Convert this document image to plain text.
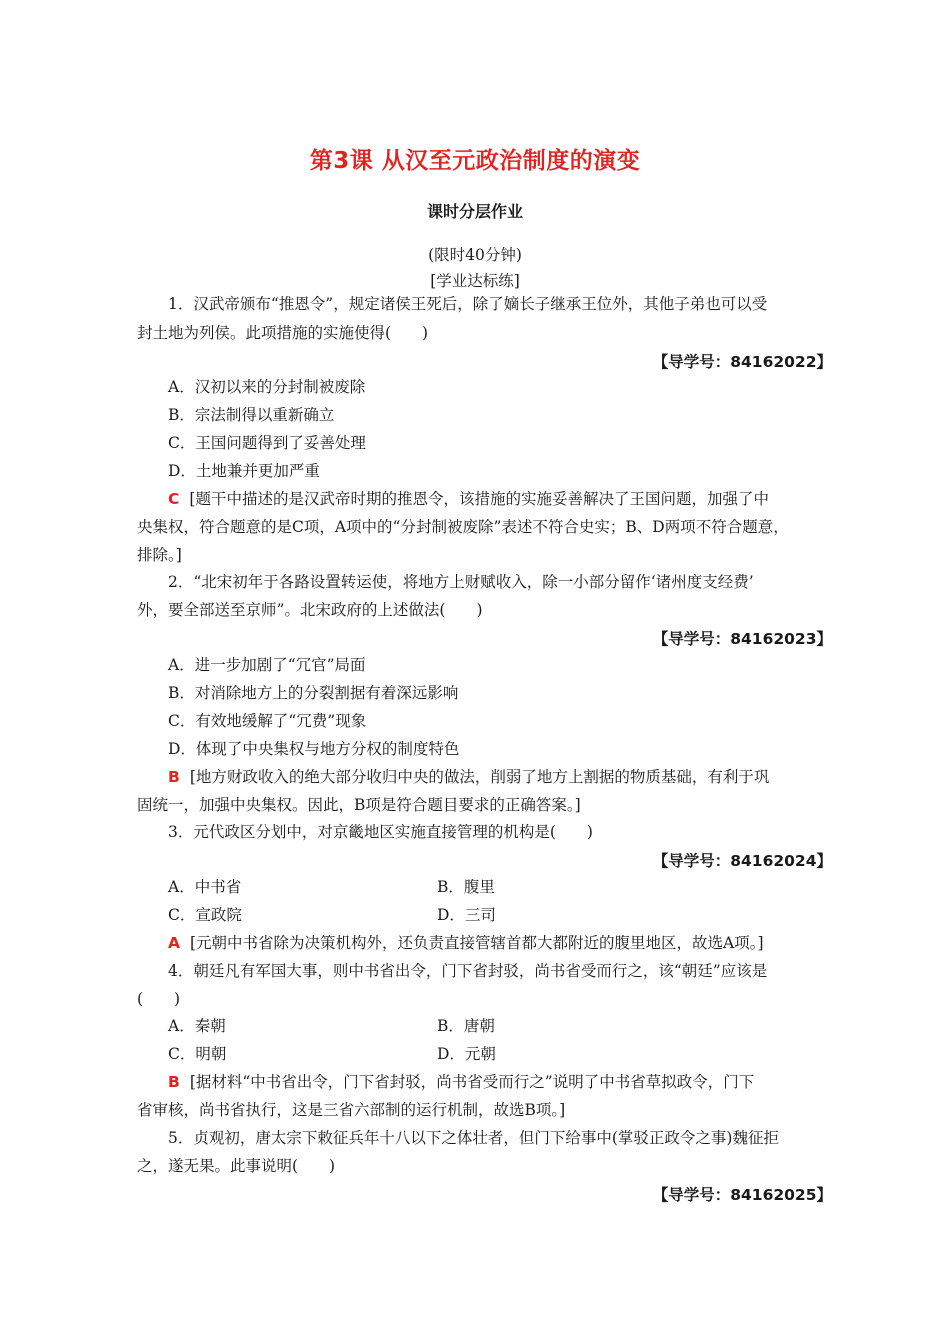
第3课 从汉至元政治制度的演变
课时分层作业
(限时40分钟)
[学业达标练]
1．汉武帝颁布“推恩令”，规定诸侯王死后，除了嫡长子继承王位外，其他子弟也可以受
封土地为列侯。此项措施的实施使得(　　)
【导学号：84162022】
A．汉初以来的分封制被废除
B．宗法制得以重新确立
C．王国问题得到了妥善处理
D．土地兼并更加严重
C [题干中描述的是汉武帝时期的推恩令，该措施的实施妥善解决了王国问题，加强了中
央集权，符合题意的是C项，A项中的“分封制被废除”表述不符合史实；B、D两项不符合题意，
排除。]
2．“北宋初年于各路设置转运使，将地方上财赋收入，除一小部分留作‘诸州度支经费’
外，要全部送至京师”。北宋政府的上述做法(　　)
【导学号：84162023】
A．进一步加剧了“冗官”局面
B．对消除地方上的分裂割据有着深远影响
C．有效地缓解了“冗费”现象
D．体现了中央集权与地方分权的制度特色
B [地方财政收入的绝大部分收归中央的做法，削弱了地方上割据的物质基础，有利于巩
固统一，加强中央集权。因此，B项是符合题目要求的正确答案。]
3．元代政区分划中，对京畿地区实施直接管理的机构是(　　)
【导学号：84162024】
A．中书省	B．腹里
C．宣政院	D．三司
A [元朝中书省除为决策机构外，还负责直接管辖首都大都附近的腹里地区，故选A项。]
4．朝廷凡有军国大事，则中书省出令，门下省封驳，尚书省受而行之，该“朝廷”应该是
(　　)
A．秦朝	B．唐朝
C．明朝	D．元朝
B [据材料“中书省出令，门下省封驳，尚书省受而行之”说明了中书省草拟政令，门下
省审核，尚书省执行，这是三省六部制的运行机制，故选B项。]
5．贞观初，唐太宗下敕征兵年十八以下之体壮者，但门下给事中(掌驳正政令之事)魏征拒
之，遂无果。此事说明(　　)
【导学号：84162025】
